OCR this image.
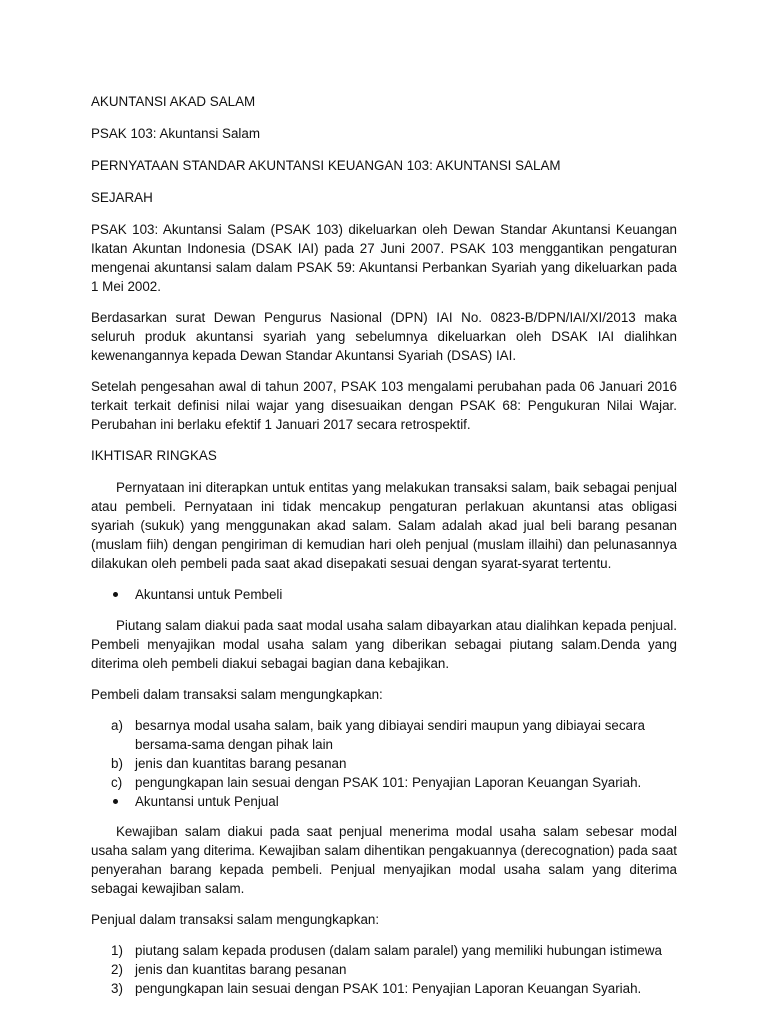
AKUNTANSI AKAD SALAM

PSAK 103: Akuntansi Salam

PERNYATAAN STANDAR AKUNTANSI KEUANGAN 103: AKUNTANSI SALAM

SEJARAH

PSAK 103: Akuntansi Salam (PSAK 103) dikeluarkan oleh Dewan Standar Akuntansi Keuangan Ikatan Akuntan Indonesia (DSAK IAI) pada 27 Juni 2007. PSAK 103 menggantikan pengaturan mengenai akuntansi salam dalam PSAK 59: Akuntansi Perbankan Syariah yang dikeluarkan pada 1 Mei 2002.

Berdasarkan surat Dewan Pengurus Nasional (DPN) IAI No. 0823-B/DPN/IAI/XI/2013 maka seluruh produk akuntansi syariah yang sebelumnya dikeluarkan oleh DSAK IAI dialihkan kewenangannya kepada Dewan Standar Akuntansi Syariah (DSAS) IAI.

Setelah pengesahan awal di tahun 2007, PSAK 103 mengalami perubahan pada 06 Januari 2016 terkait terkait definisi nilai wajar yang disesuaikan dengan PSAK 68: Pengukuran Nilai Wajar. Perubahan ini berlaku efektif 1 Januari 2017 secara retrospektif.

IKHTISAR RINGKAS

Pernyataan ini diterapkan untuk entitas yang melakukan transaksi salam, baik sebagai penjual atau pembeli. Pernyataan ini tidak mencakup pengaturan perlakuan akuntansi atas obligasi syariah (sukuk) yang menggunakan akad salam. Salam adalah akad jual beli barang pesanan (muslam fiih) dengan pengiriman di kemudian hari oleh penjual (muslam illaihi) dan pelunasannya dilakukan oleh pembeli pada saat akad disepakati sesuai dengan syarat-syarat tertentu.

Akuntansi untuk Pembeli

Piutang salam diakui pada saat modal usaha salam dibayarkan atau dialihkan kepada penjual. Pembeli menyajikan modal usaha salam yang diberikan sebagai piutang salam.Denda yang diterima oleh pembeli diakui sebagai bagian dana kebajikan.

Pembeli dalam transaksi salam mengungkapkan:

a) besarnya modal usaha salam, baik yang dibiayai sendiri maupun yang dibiayai secara bersama-sama dengan pihak lain
b) jenis dan kuantitas barang pesanan
c) pengungkapan lain sesuai dengan PSAK 101: Penyajian Laporan Keuangan Syariah.
Akuntansi untuk Penjual

Kewajiban salam diakui pada saat penjual menerima modal usaha salam sebesar modal usaha salam yang diterima. Kewajiban salam dihentikan pengakuannya (derecognation) pada saat penyerahan barang kepada pembeli. Penjual menyajikan modal usaha salam yang diterima sebagai kewajiban salam.

Penjual dalam transaksi salam mengungkapkan:

1) piutang salam kepada produsen (dalam salam paralel) yang memiliki hubungan istimewa
2) jenis dan kuantitas barang pesanan
3) pengungkapan lain sesuai dengan PSAK 101: Penyajian Laporan Keuangan Syariah.
